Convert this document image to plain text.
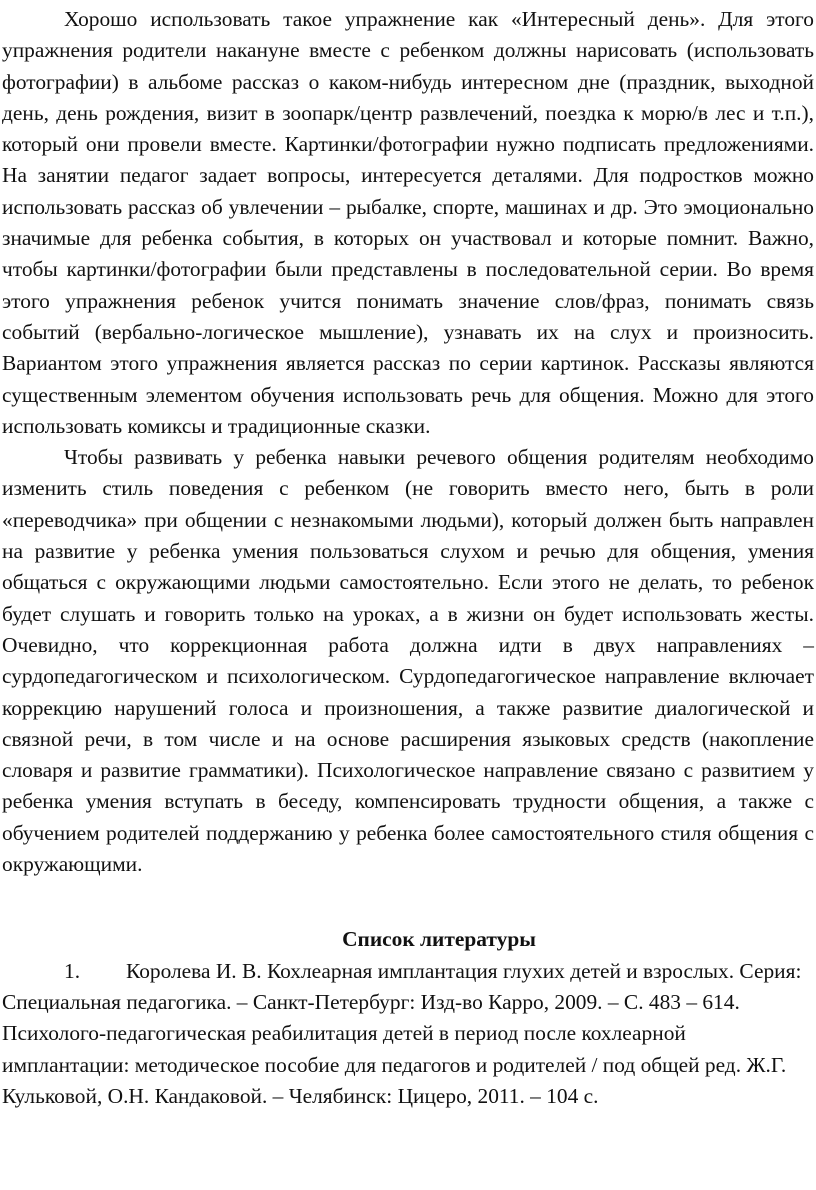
Хорошо использовать такое упражнение как «Интересный день». Для этого упражнения родители накануне вместе с ребенком должны нарисовать (использовать фотографии) в альбоме рассказ о каком-нибудь интересном дне (праздник, выходной день, день рождения, визит в зоопарк/центр развлечений, поездка к морю/в лес и т.п.), который они провели вместе. Картинки/фотографии нужно подписать предложениями. На занятии педагог задает вопросы, интересуется деталями. Для подростков можно использовать рассказ об увлечении – рыбалке, спорте, машинах и др. Это эмоционально значимые для ребенка события, в которых он участвовал и которые помнит. Важно, чтобы картинки/фотографии были представлены в последовательной серии. Во время этого упражнения ребенок учится понимать значение слов/фраз, понимать связь событий (вербально-логическое мышление), узнавать их на слух и произносить. Вариантом этого упражнения является рассказ по серии картинок. Рассказы являются существенным элементом обучения использовать речь для общения. Можно для этого использовать комиксы и традиционные сказки.

Чтобы развивать у ребенка навыки речевого общения родителям необходимо изменить стиль поведения с ребенком (не говорить вместо него, быть в роли «переводчика» при общении с незнакомыми людьми), который должен быть направлен на развитие у ребенка умения пользоваться слухом и речью для общения, умения общаться с окружающими людьми самостоятельно. Если этого не делать, то ребенок будет слушать и говорить только на уроках, а в жизни он будет использовать жесты. Очевидно, что коррекционная работа должна идти в двух направлениях – сурдопедагогическом и психологическом. Сурдопедагогическое направление включает коррекцию нарушений голоса и произношения, а также развитие диалогической и связной речи, в том числе и на основе расширения языковых средств (накопление словаря и развитие грамматики). Психологическое направление связано с развитием у ребенка умения вступать в беседу, компенсировать трудности общения, а также с обучением родителей поддержанию у ребенка более самостоятельного стиля общения с окружающими.

Список литературы

1. Королева И. В. Кохлеарная имплантация глухих детей и взрослых. Серия: Специальная педагогика. – Санкт-Петербург: Изд-во Карро, 2009. – С. 483 – 614.

Психолого-педагогическая реабилитация детей в период после кохлеарной имплантации: методическое пособие для педагогов и родителей / под общей ред. Ж.Г. Кульковой, О.Н. Кандаковой. – Челябинск: Цицеро, 2011. – 104 с.
